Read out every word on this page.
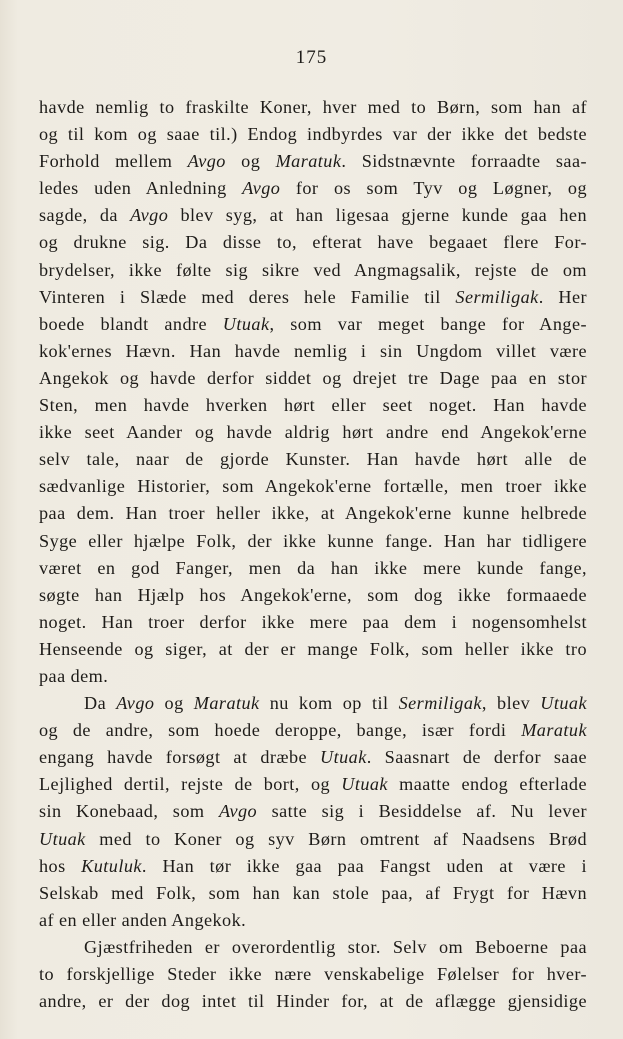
175
havde nemlig to fraskilte Koner, hver med to Børn, som han af
og til kom og saae til.) Endog indbyrdes var der ikke det bedste
Forhold mellem Avgo og Maratuk. Sidstnævnte forraadte saa-
ledes uden Anledning Avgo for os som Tyv og Løgner, og
sagde, da Avgo blev syg, at han ligesaa gjerne kunde gaa hen
og drukne sig. Da disse to, efterat have begaaet flere For-
brydelser, ikke følte sig sikre ved Angmagsalik, rejste de om
Vinteren i Slæde med deres hele Familie til Sermiligak. Her
boede blandt andre Utuak, som var meget bange for Ange-
kok'ernes Hævn. Han havde nemlig i sin Ungdom villet være
Angekok og havde derfor siddet og drejet tre Dage paa en stor
Sten, men havde hverken hørt eller seet noget. Han havde
ikke seet Aander og havde aldrig hørt andre end Angekok'erne
selv tale, naar de gjorde Kunster. Han havde hørt alle de
sædvanlige Historier, som Angekok'erne fortælle, men troer ikke
paa dem. Han troer heller ikke, at Angekok'erne kunne helbrede
Syge eller hjælpe Folk, der ikke kunne fange. Han har tidligere
været en god Fanger, men da han ikke mere kunde fange,
søgte han Hjælp hos Angekok'erne, som dog ikke formaaede
noget. Han troer derfor ikke mere paa dem i nogensomhelst
Henseende og siger, at der er mange Folk, som heller ikke tro
paa dem.
Da Avgo og Maratuk nu kom op til Sermiligak, blev Utuak
og de andre, som hoede deroppe, bange, især fordi Maratuk
engang havde forsøgt at dræbe Utuak. Saasnart de derfor saae
Lejlighed dertil, rejste de bort, og Utuak maatte endog efterlade
sin Konebaad, som Avgo satte sig i Besiddelse af. Nu lever
Utuak med to Koner og syv Børn omtrent af Naadsens Brød
hos Kutuluk. Han tør ikke gaa paa Fangst uden at være i
Selskab med Folk, som han kan stole paa, af Frygt for Hævn
af en eller anden Angekok.
Gjæstfriheden er overordentlig stor. Selv om Beboerne paa
to forskjellige Steder ikke nære venskabelige Følelser for hver-
andre, er der dog intet til Hinder for, at de aflægge gjensidige
